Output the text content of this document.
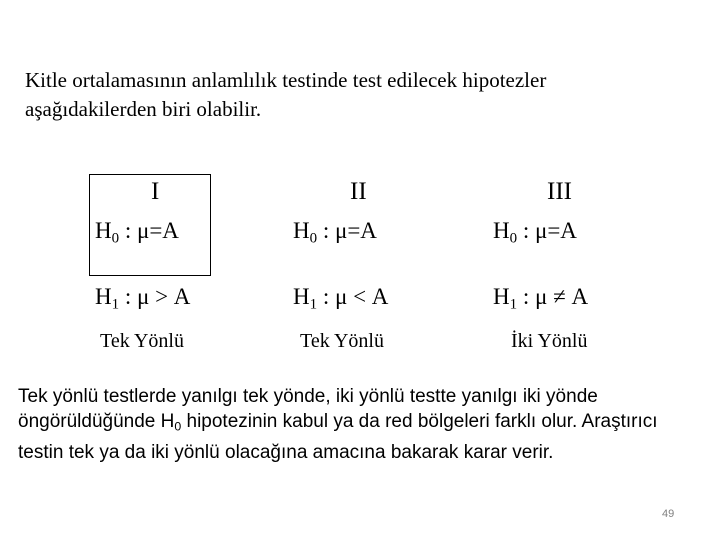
Kitle ortalamasının anlamlılık testinde test edilecek hipotezler
aşağıdakilerden biri olabilir.
I
$H_0$ : μ=A
$H_1$ : μ > A
Tek Yönlü
II
$H_0$ : μ=A
$H_1$ : μ < A
Tek Yönlü
III
$H_0$ : μ=A
$H_1$ : μ ≠ A
İki Yönlü
Tek yönlü testlerde yanılgı tek yönde, iki yönlü testte yanılgı iki yönde öngörüldüğünde $H_0$ hipotezinin kabul ya da red bölgeleri farklı olur. Araştırıcı testin tek ya da iki yönlü olacağına amacına bakarak karar verir.
49
